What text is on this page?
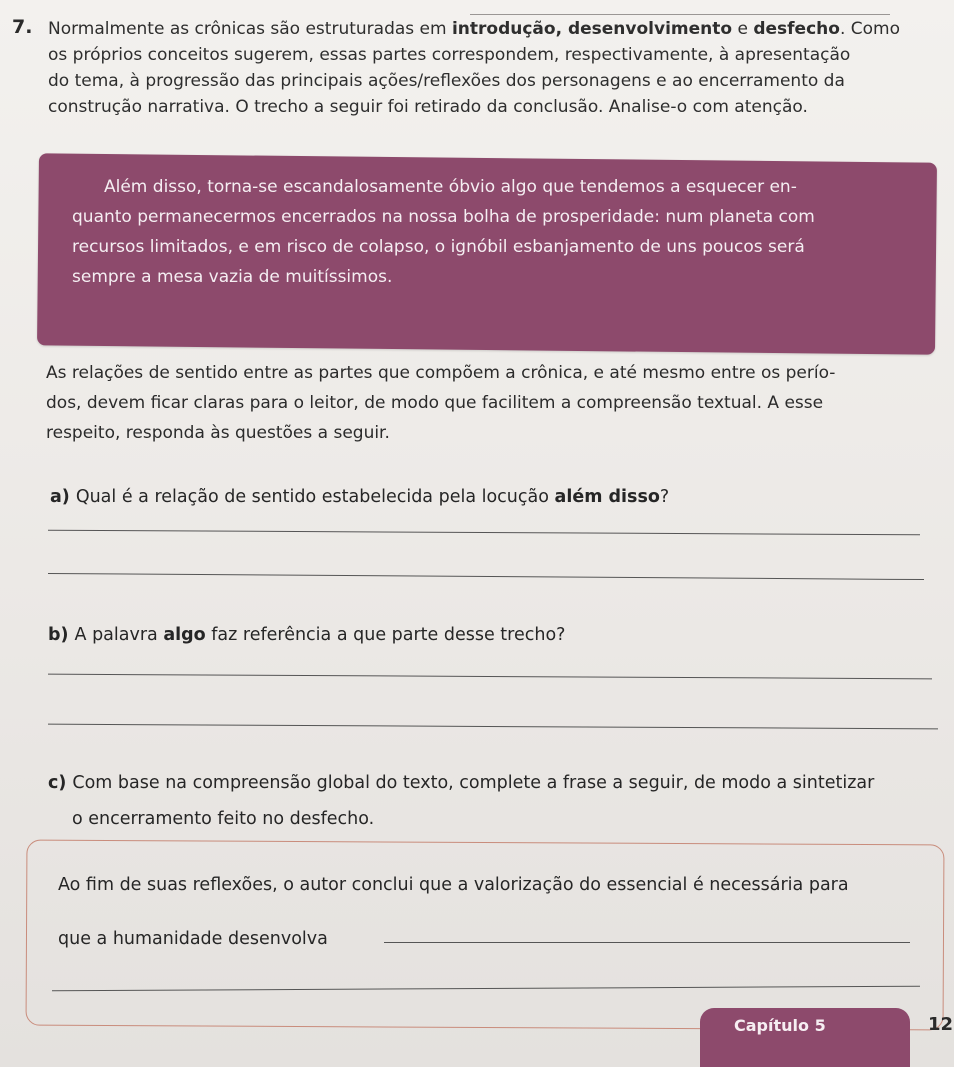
7. Normalmente as crônicas são estruturadas em introdução, desenvolvimento e desfecho. Como
os próprios conceitos sugerem, essas partes correspondem, respectivamente, à apresentação
do tema, à progressão das principais ações/reflexões dos personagens e ao encerramento da
construção narrativa. O trecho a seguir foi retirado da conclusão. Analise-o com atenção.
Além disso, torna-se escandalosamente óbvio algo que tendemos a esquecer en-
quanto permanecermos encerrados na nossa bolha de prosperidade: num planeta com
recursos limitados, e em risco de colapso, o ignóbil esbanjamento de uns poucos será
sempre a mesa vazia de muitíssimos.
As relações de sentido entre as partes que compõem a crônica, e até mesmo entre os perío-
dos, devem ficar claras para o leitor, de modo que facilitem a compreensão textual. A esse
respeito, responda às questões a seguir.
a) Qual é a relação de sentido estabelecida pela locução além disso?
b) A palavra algo faz referência a que parte desse trecho?
c) Com base na compreensão global do texto, complete a frase a seguir, de modo a sintetizar
o encerramento feito no desfecho.
Ao fim de suas reflexões, o autor conclui que a valorização do essencial é necessária para
que a humanidade desenvolva
Capítulo 5	12
